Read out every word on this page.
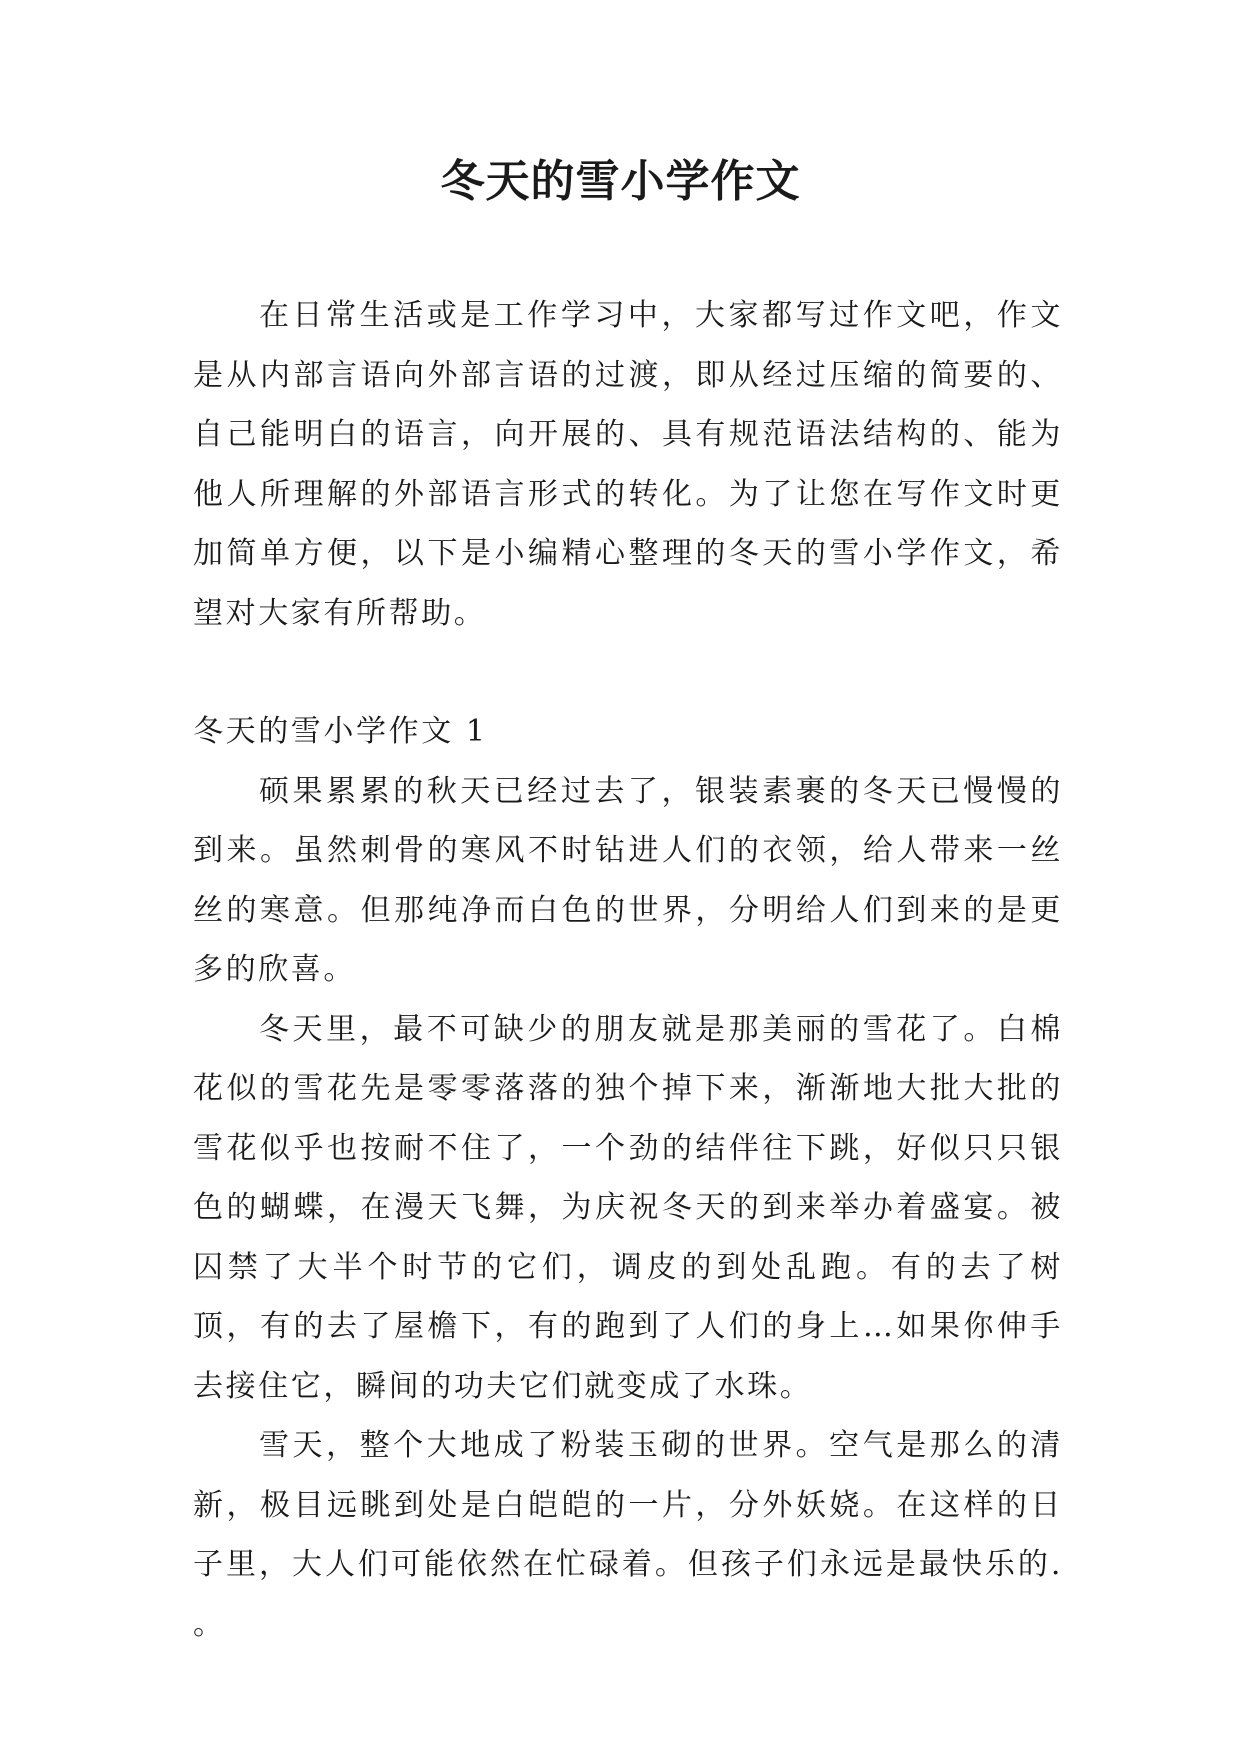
冬天的雪小学作文

在日常生活或是工作学习中，大家都写过作文吧，作文是从内部言语向外部言语的过渡，即从经过压缩的简要的、自己能明白的语言，向开展的、具有规范语法结构的、能为他人所理解的外部语言形式的转化。为了让您在写作文时更加简单方便，以下是小编精心整理的冬天的雪小学作文，希望对大家有所帮助。

冬天的雪小学作文 1

硕果累累的秋天已经过去了，银装素裹的冬天已慢慢的到来。虽然刺骨的寒风不时钻进人们的衣领，给人带来一丝丝的寒意。但那纯净而白色的世界，分明给人们到来的是更多的欣喜。

冬天里，最不可缺少的朋友就是那美丽的雪花了。白棉花似的雪花先是零零落落的独个掉下来，渐渐地大批大批的雪花似乎也按耐不住了，一个劲的结伴往下跳，好似只只银色的蝴蝶，在漫天飞舞，为庆祝冬天的到来举办着盛宴。被囚禁了大半个时节的它们，调皮的到处乱跑。有的去了树顶，有的去了屋檐下，有的跑到了人们的身上…如果你伸手去接住它，瞬间的功夫它们就变成了水珠。

雪天，整个大地成了粉装玉砌的世界。空气是那么的清新，极目远眺到处是白皑皑的一片，分外妖娆。在这样的日子里，大人们可能依然在忙碌着。但孩子们永远是最快乐的. 。
